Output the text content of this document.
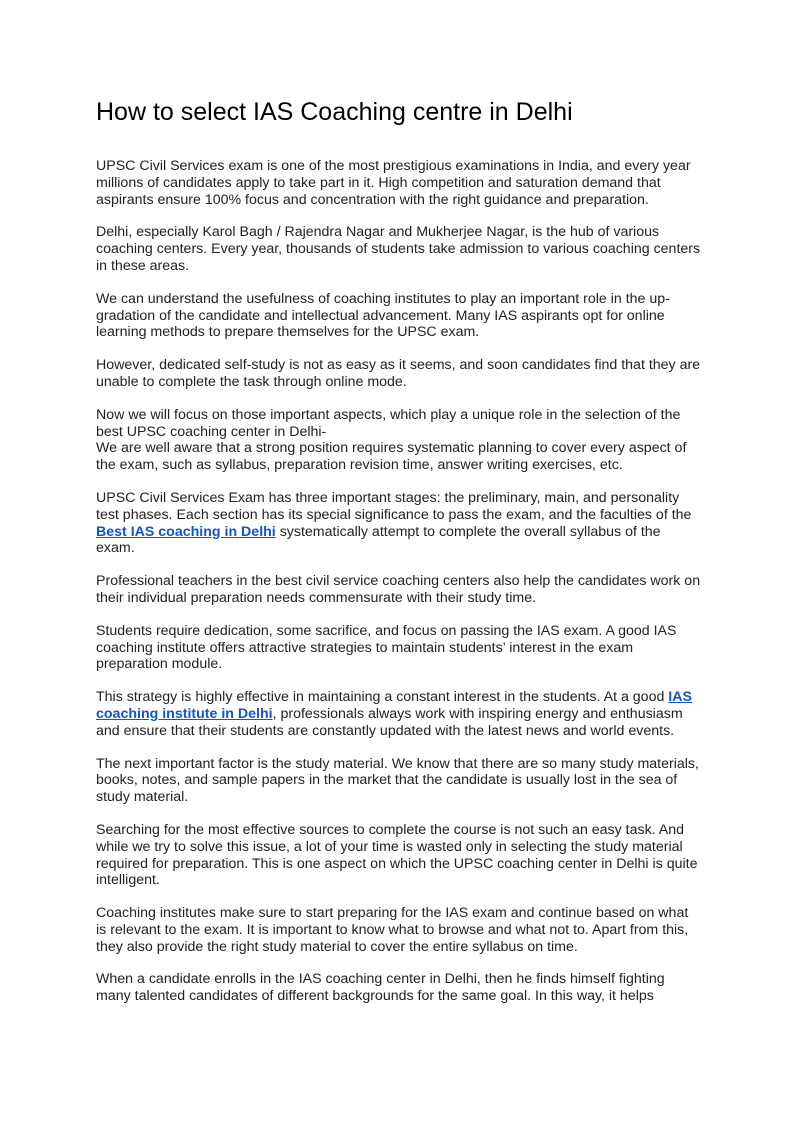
How to select IAS Coaching centre in Delhi

UPSC Civil Services exam is one of the most prestigious examinations in India, and every year millions of candidates apply to take part in it. High competition and saturation demand that aspirants ensure 100% focus and concentration with the right guidance and preparation.

Delhi, especially Karol Bagh / Rajendra Nagar and Mukherjee Nagar, is the hub of various coaching centers. Every year, thousands of students take admission to various coaching centers in these areas.

We can understand the usefulness of coaching institutes to play an important role in the up-gradation of the candidate and intellectual advancement. Many IAS aspirants opt for online learning methods to prepare themselves for the UPSC exam.

However, dedicated self-study is not as easy as it seems, and soon candidates find that they are unable to complete the task through online mode.

Now we will focus on those important aspects, which play a unique role in the selection of the best UPSC coaching center in Delhi-

We are well aware that a strong position requires systematic planning to cover every aspect of the exam, such as syllabus, preparation revision time, answer writing exercises, etc.

UPSC Civil Services Exam has three important stages: the preliminary, main, and personality test phases. Each section has its special significance to pass the exam, and the faculties of the Best IAS coaching in Delhi systematically attempt to complete the overall syllabus of the exam.

Professional teachers in the best civil service coaching centers also help the candidates work on their individual preparation needs commensurate with their study time.

Students require dedication, some sacrifice, and focus on passing the IAS exam. A good IAS coaching institute offers attractive strategies to maintain students’ interest in the exam preparation module.

This strategy is highly effective in maintaining a constant interest in the students. At a good IAS coaching institute in Delhi, professionals always work with inspiring energy and enthusiasm and ensure that their students are constantly updated with the latest news and world events.

The next important factor is the study material. We know that there are so many study materials, books, notes, and sample papers in the market that the candidate is usually lost in the sea of study material.

Searching for the most effective sources to complete the course is not such an easy task. And while we try to solve this issue, a lot of your time is wasted only in selecting the study material required for preparation. This is one aspect on which the UPSC coaching center in Delhi is quite intelligent.

Coaching institutes make sure to start preparing for the IAS exam and continue based on what is relevant to the exam. It is important to know what to browse and what not to. Apart from this, they also provide the right study material to cover the entire syllabus on time.

When a candidate enrolls in the IAS coaching center in Delhi, then he finds himself fighting many talented candidates of different backgrounds for the same goal. In this way, it helps
